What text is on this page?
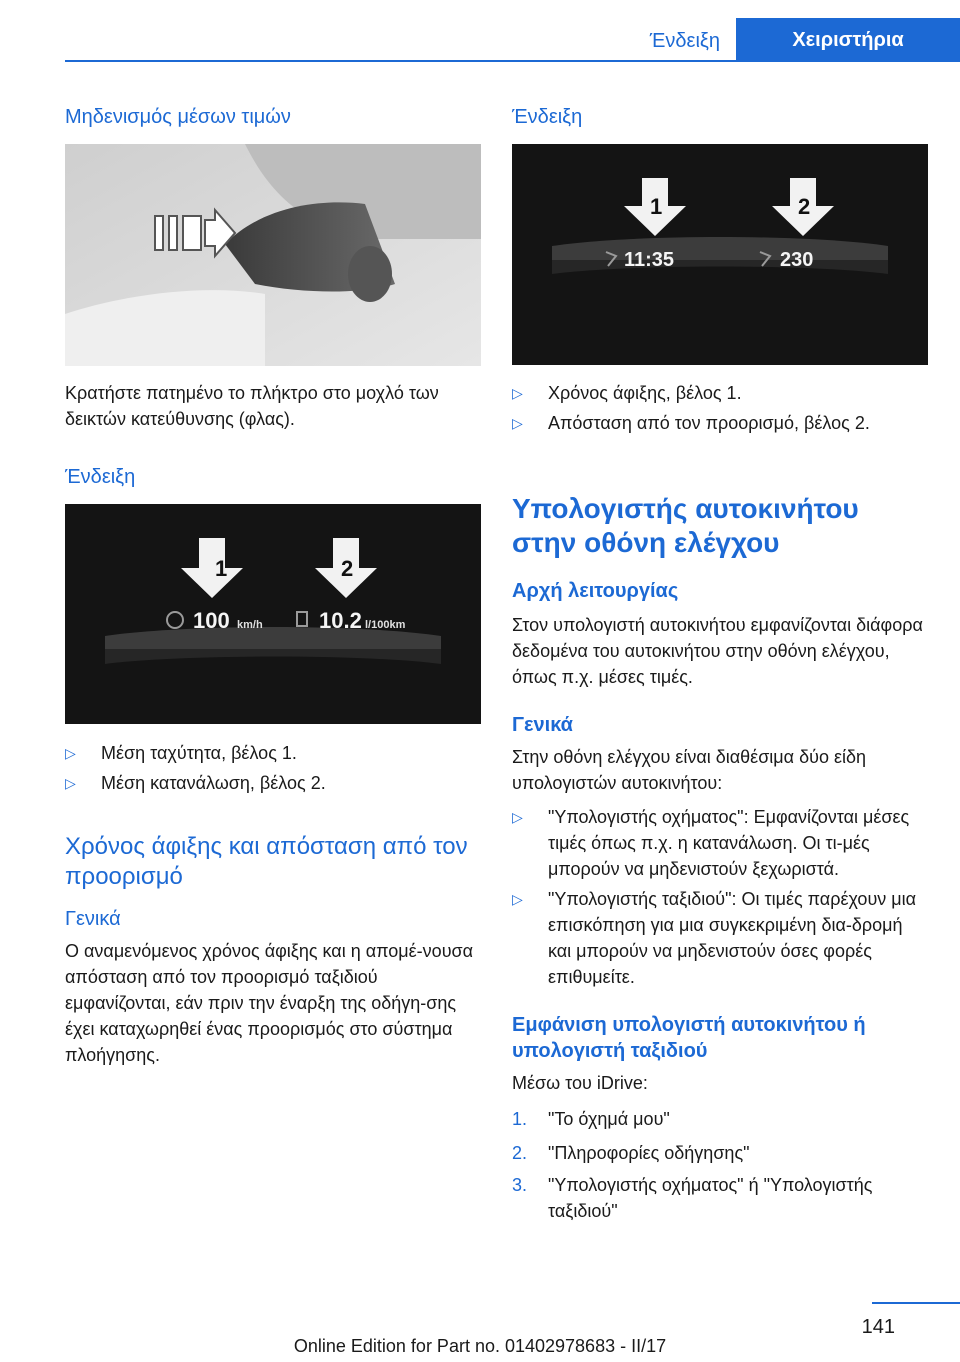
Ένδειξη	Χειριστήρια
Μηδενισμός μέσων τιμών
Κρατήστε πατημένο το πλήκτρο στο μοχλό των δεικτών κατεύθυνσης (φλας).
Ένδειξη
1	2
100 km/h	10.2 l/100km
▷ Μέση ταχύτητα, βέλος 1.
▷ Μέση κατανάλωση, βέλος 2.
Χρόνος άφιξης και απόσταση από τον προορισμό
Γενικά
Ο αναμενόμενος χρόνος άφιξης και η απομέ-νουσα απόσταση από τον προορισμό ταξιδιού εμφανίζονται, εάν πριν την έναρξη της οδήγη-σης έχει καταχωρηθεί ένας προορισμός στο σύστημα πλοήγησης.
Ένδειξη
1	2
11:35	230
▷ Χρόνος άφιξης, βέλος 1.
▷ Απόσταση από τον προορισμό, βέλος 2.
Υπολογιστής αυτοκινήτου στην οθόνη ελέγχου
Αρχή λειτουργίας
Στον υπολογιστή αυτοκινήτου εμφανίζονται διάφορα δεδομένα του αυτοκινήτου στην οθόνη ελέγχου, όπως π.χ. μέσες τιμές.
Γενικά
Στην οθόνη ελέγχου είναι διαθέσιμα δύο είδη υπολογιστών αυτοκινήτου:
▷ "Υπολογιστής οχήματος": Εμφανίζονται μέσες τιμές όπως π.χ. η κατανάλωση. Οι τι-μές μπορούν να μηδενιστούν ξεχωριστά.
▷ "Υπολογιστής ταξιδιού": Οι τιμές παρέχουν μια επισκόπηση για μια συγκεκριμένη δια-δρομή και μπορούν να μηδενιστούν όσες φορές επιθυμείτε.
Εμφάνιση υπολογιστή αυτοκινήτου ή υπολογιστή ταξιδιού
Μέσω του iDrive:
1. "Το όχημά μου"
2. "Πληροφορίες οδήγησης"
3. "Υπολογιστής οχήματος" ή "Υπολογιστής ταξιδιού"
141
Online Edition for Part no. 01402978683 - II/17
